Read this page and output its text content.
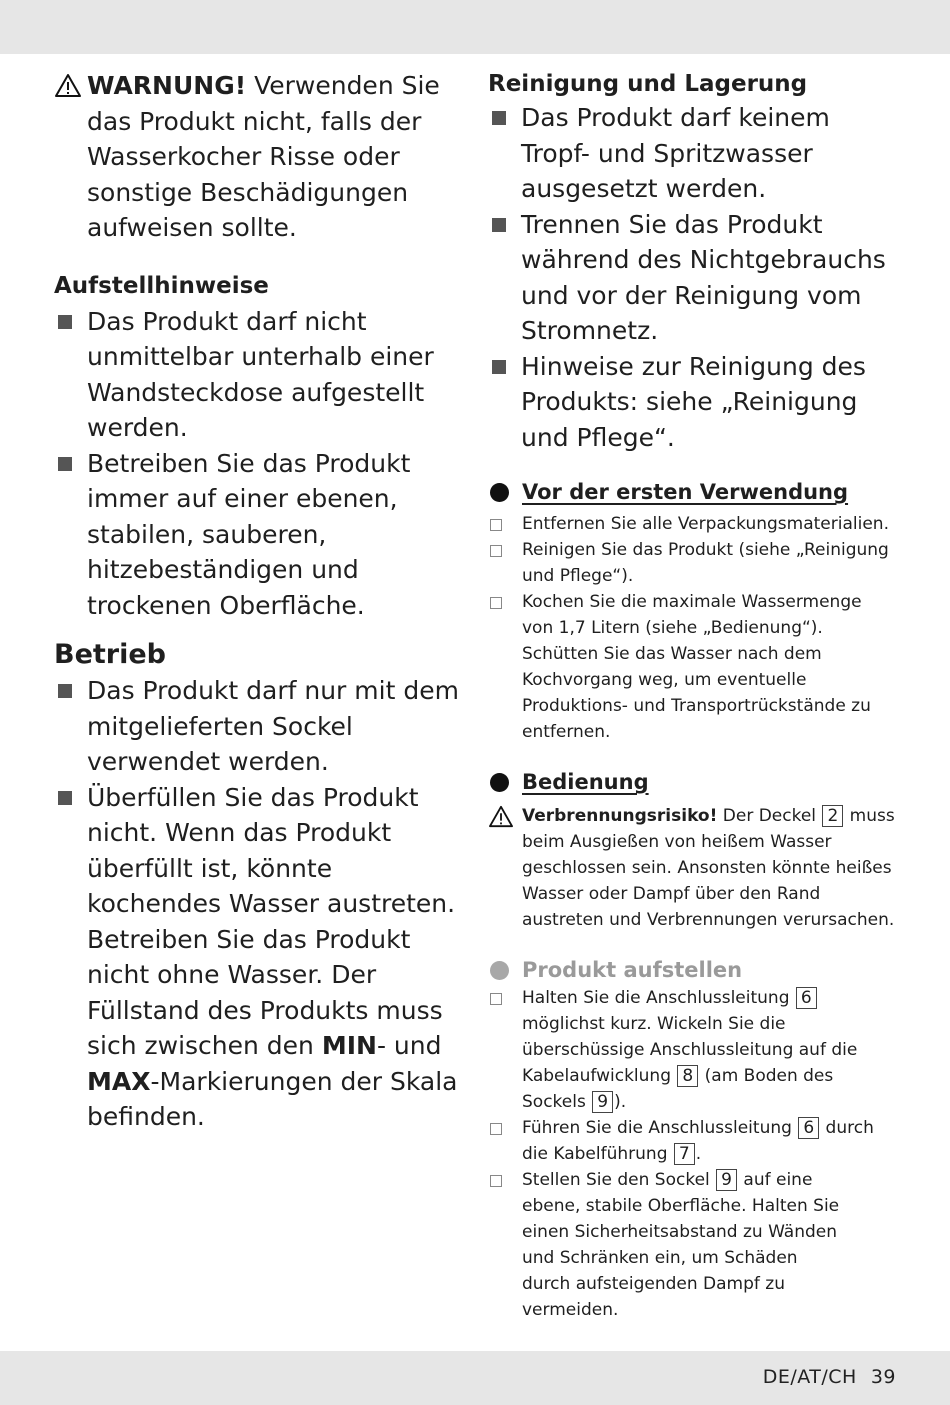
WARNUNG! Verwenden Sie das Produkt nicht, falls der Wasserkocher Risse oder sonstige Beschädigungen aufweisen sollte.
Aufstellhinweise
Das Produkt darf nicht unmittelbar unterhalb einer Wandsteckdose aufgestellt werden.
Betreiben Sie das Produkt immer auf einer ebenen, stabilen, sauberen, hitzebeständigen und trockenen Oberfläche.
Betrieb
Das Produkt darf nur mit dem mitgelieferten Sockel verwendet werden.
Überfüllen Sie das Produkt nicht. Wenn das Produkt überfüllt ist, könnte kochendes Wasser austreten. Betreiben Sie das Produkt nicht ohne Wasser. Der Füllstand des Produkts muss sich zwischen den MIN- und MAX-Markierungen der Skala befinden.
Reinigung und Lagerung
Das Produkt darf keinem Tropf- und Spritzwasser ausgesetzt werden.
Trennen Sie das Produkt während des Nichtgebrauchs und vor der Reinigung vom Stromnetz.
Hinweise zur Reinigung des Produkts: siehe „Reinigung und Pflege“.
Vor der ersten Verwendung
Entfernen Sie alle Verpackungsmaterialien.
Reinigen Sie das Produkt (siehe „Reinigung und Pflege“).
Kochen Sie die maximale Wassermenge von 1,7 Litern (siehe „Bedienung“). Schütten Sie das Wasser nach dem Kochvorgang weg, um eventuelle Produktions- und Transportrückstände zu entfernen.
Bedienung
Verbrennungsrisiko! Der Deckel 2 muss beim Ausgießen von heißem Wasser geschlossen sein. Ansonsten könnte heißes Wasser oder Dampf über den Rand austreten und Verbrennungen verursachen.
Produkt aufstellen
Halten Sie die Anschlussleitung 6 möglichst kurz. Wickeln Sie die überschüssige Anschlussleitung auf die Kabelaufwicklung 8 (am Boden des Sockels 9 ).
Führen Sie die Anschlussleitung 6 durch die Kabelführung 7 .
Stellen Sie den Sockel 9 auf eine ebene, stabile Oberfläche. Halten Sie einen Sicherheitsabstand zu Wänden und Schränken ein, um Schäden durch aufsteigenden Dampf zu vermeiden.
DE/AT/CH 39
